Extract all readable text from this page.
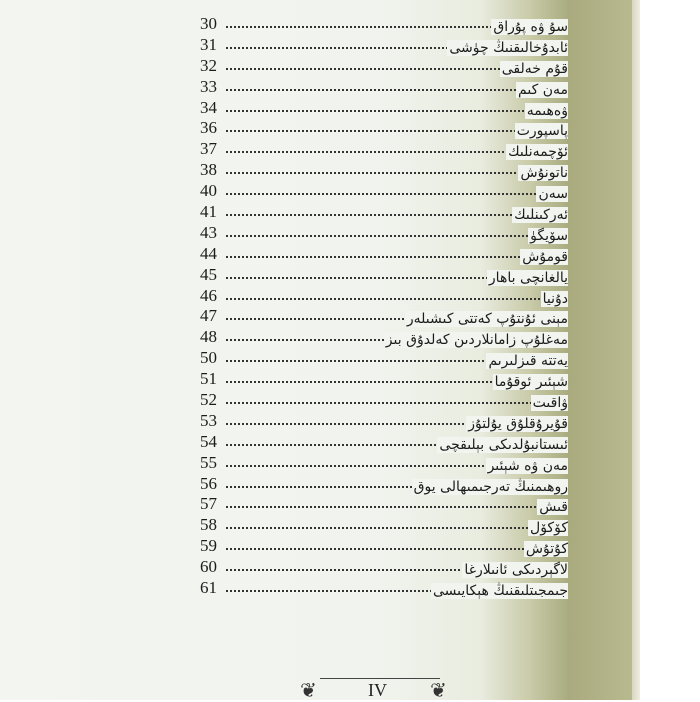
30	سۇ ۋە پۇراق
31	ئابدۇخالىقنىڭ چۈشى
32	قۇم خەلقى
33	مەن كىم
34	ۋەھىمە
36	پاسپورت
37	ئۆچمەنلىك
38	ناتونۇش
40	سەن
41	ئەركىنلىك
43	سۆيگۈ
44	قومۇش
45	يالغانچى باھار
46	دۇنيا
47	مېنى ئۇنتۇپ كەتتى كىشىلەر
48	مەغلۇپ زامانلاردىن كەلدۇق بىز
50	يەتتە قىزلىرىم
51	شېئىر ئوقۇما
52	ۋاقىت
53	قۇيرۇقلۇق يۇلتۇز
54	ئىستانبۇلدىكى بېلىقچى
55	مەن ۋە شېئىر
56	روھىمنىڭ تەرجىمىھالى يوق
57	قىش
58	كۆكۆل
59	كۇتۇش
60	لاگېردىكى ئانىلارغا
61	جىمجىتلىقنىڭ ھېكايىسى
❦	IV ❦
